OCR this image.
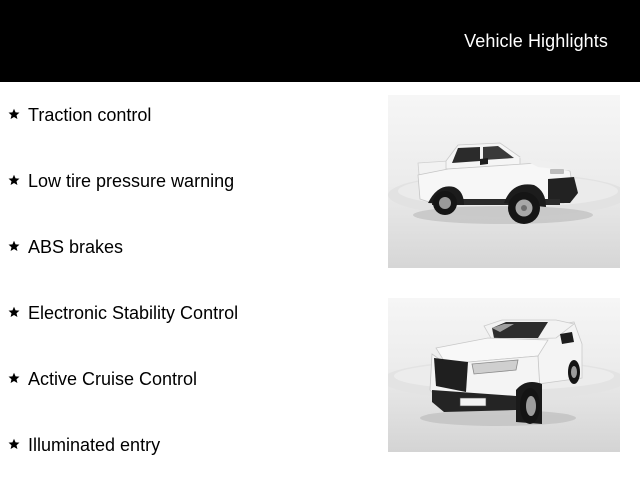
Vehicle Highlights
Traction control
Low tire pressure warning
ABS brakes
Electronic Stability Control
Active Cruise Control
Illuminated entry
